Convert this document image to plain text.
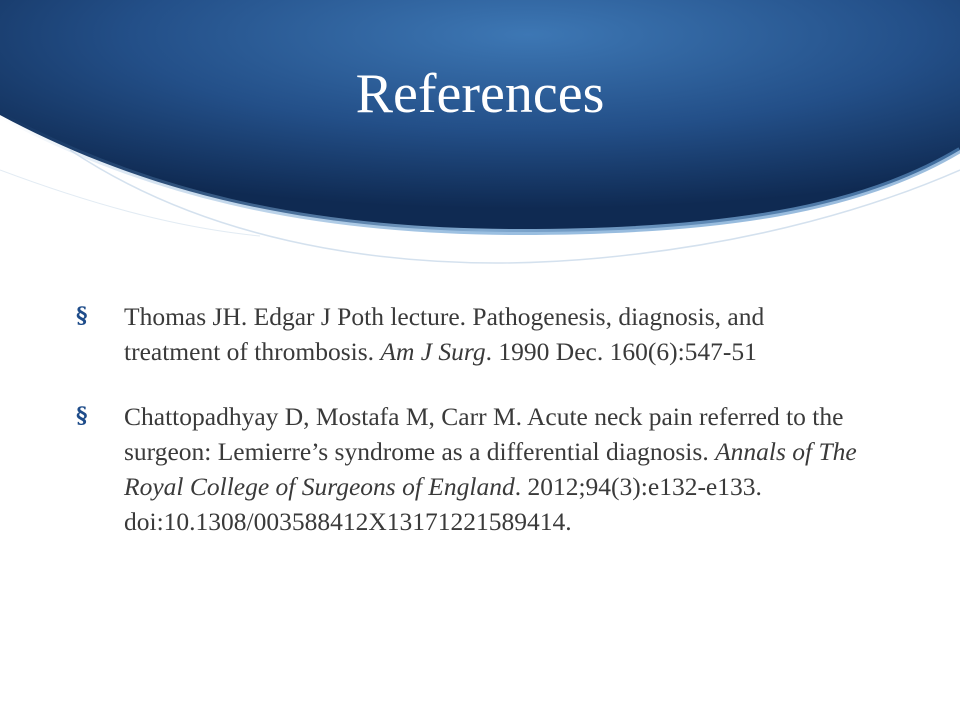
References
§ Thomas JH. Edgar J Poth lecture. Pathogenesis, diagnosis, and treatment of thrombosis. Am J Surg. 1990 Dec. 160(6):547-51
§ Chattopadhyay D, Mostafa M, Carr M. Acute neck pain referred to the surgeon: Lemierre’s syndrome as a differential diagnosis. Annals of The Royal College of Surgeons of England. 2012;94(3):e132-e133. doi:10.1308/003588412X13171221589414.
